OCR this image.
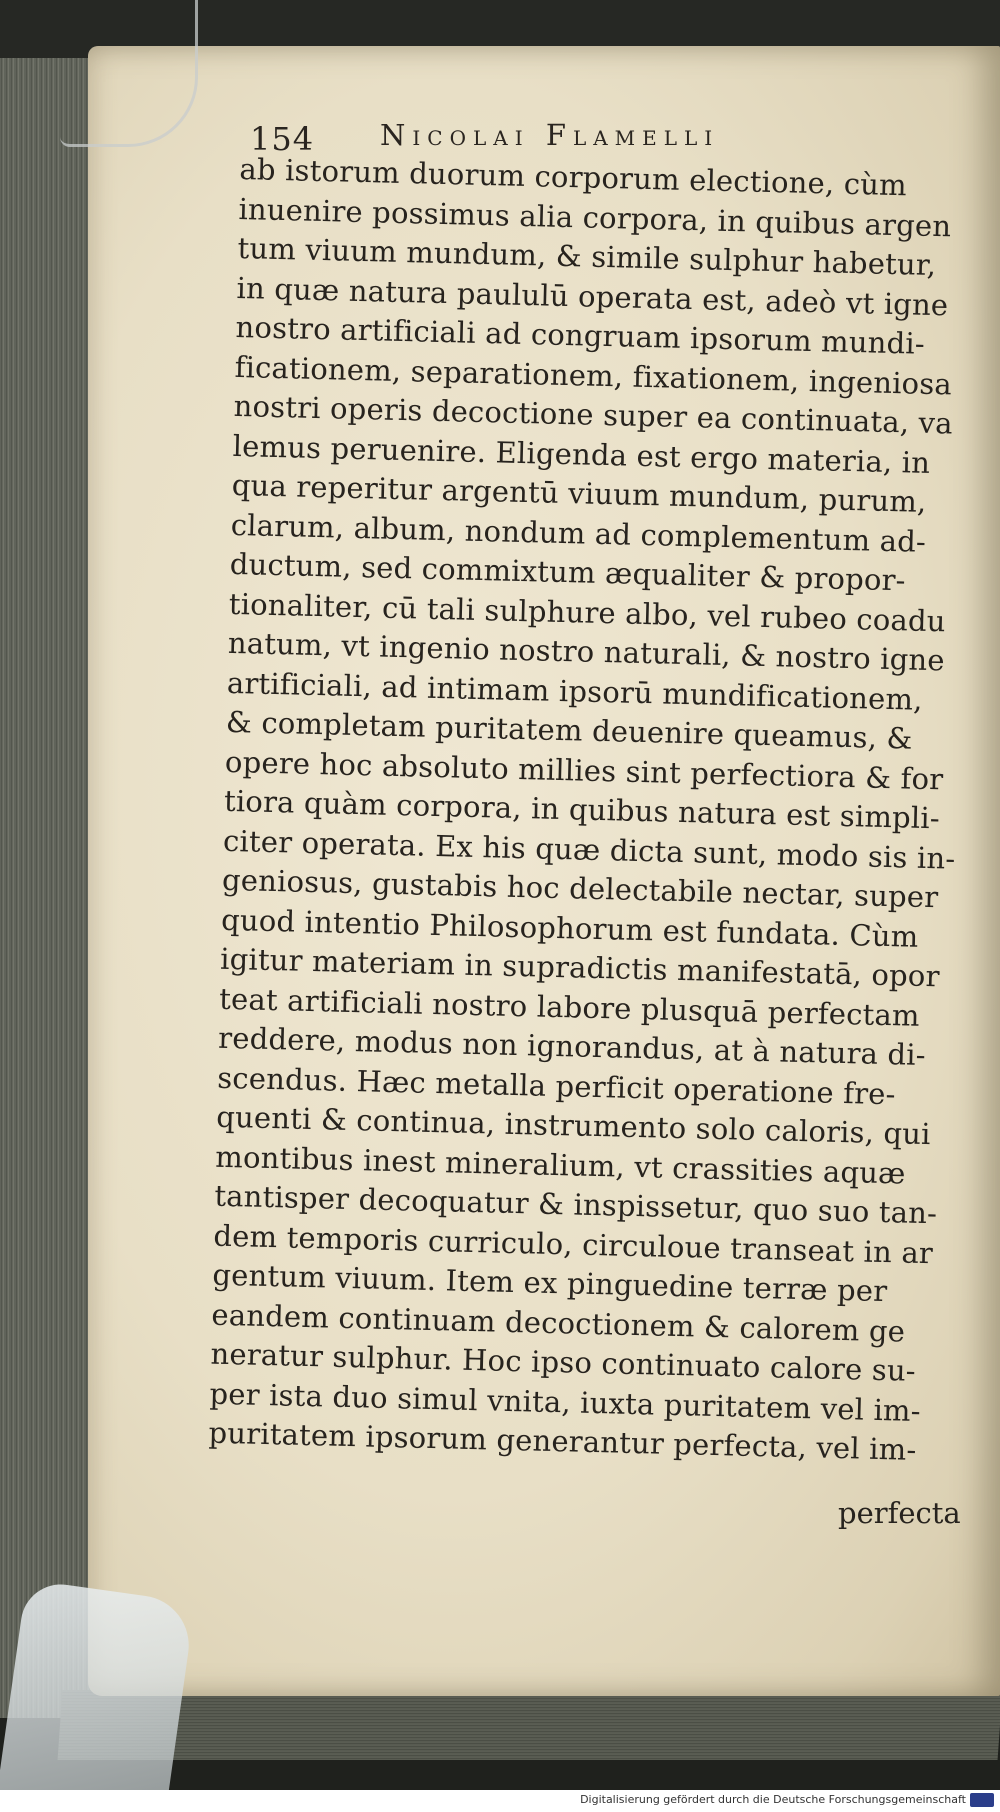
154 Nicolai Flamelli
ab istorum duorum corporum electione, cùm
inuenire possimus alia corpora, in quibus argen
tum viuum mundum, & simile sulphur habetur,
in quæ natura paululū operata est, adeò vt igne
nostro artificiali ad congruam ipsorum mundi-
ficationem, separationem, fixationem, ingeniosa
nostri operis decoctione super ea continuata, va
lemus peruenire. Eligenda est ergo materia, in
qua reperitur argentū viuum mundum, purum,
clarum, album, nondum ad complementum ad-
ductum, sed commixtum æqualiter & propor-
tionaliter, cū tali sulphure albo, vel rubeo coadu
natum, vt ingenio nostro naturali, & nostro igne
artificiali, ad intimam ipsorū mundificationem,
& completam puritatem deuenire queamus, &
opere hoc absoluto millies sint perfectiora & for
tiora quàm corpora, in quibus natura est simpli-
citer operata. Ex his quæ dicta sunt, modo sis in-
geniosus, gustabis hoc delectabile nectar, super
quod intentio Philosophorum est fundata. Cùm
igitur materiam in supradictis manifestatā, opor
teat artificiali nostro labore plusquā perfectam
reddere, modus non ignorandus, at à natura di-
scendus. Hæc metalla perficit operatione fre-
quenti & continua, instrumento solo caloris, qui
montibus inest mineralium, vt crassities aquæ
tantisper decoquatur & inspissetur, quo suo tan-
dem temporis curriculo, circuloue transeat in ar
gentum viuum. Item ex pinguedine terræ per
eandem continuam decoctionem & calorem ge
neratur sulphur. Hoc ipso continuato calore su-
per ista duo simul vnita, iuxta puritatem vel im-
puritatem ipsorum generantur perfecta, vel im-
perfecta
Digitalisierung gefördert durch die Deutsche Forschungsgemeinschaft
